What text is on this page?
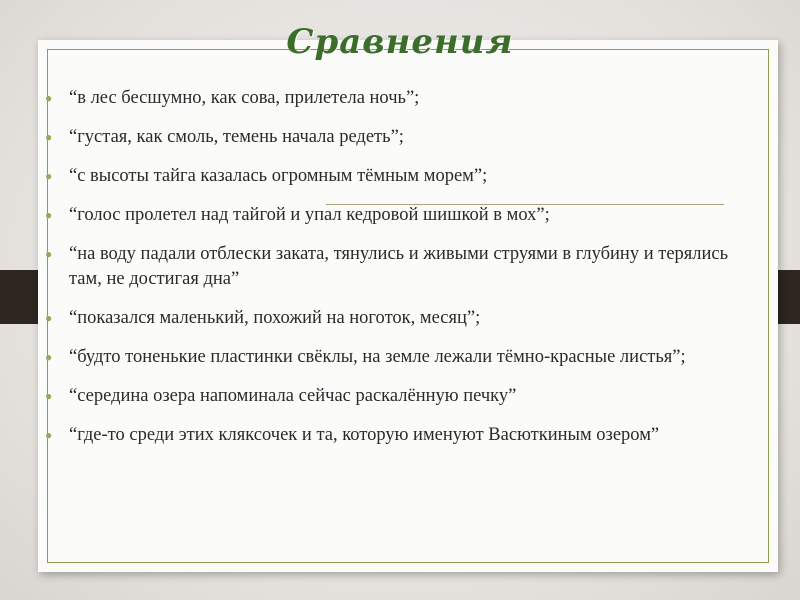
Сравнения
● “в лес бесшумно, как сова, прилетела ночь”;
● “густая, как смоль, темень начала редеть”;
● “с высоты тайга казалась огромным тёмным морем”;
● “голос пролетел над тайгой и упал кедровой шишкой в мох”;
● “на воду падали отблески заката, тянулись и живыми струями в глубину и терялись там, не достигая дна”
● “показался маленький, похожий на ноготок, месяц”;
● “будто тоненькие пластинки свёклы, на земле лежали тёмно-красные листья”;
● “середина озера напоминала сейчас раскалённую печку”
● “где-то среди этих кляксочек и та, которую именуют Васюткиным озером”
